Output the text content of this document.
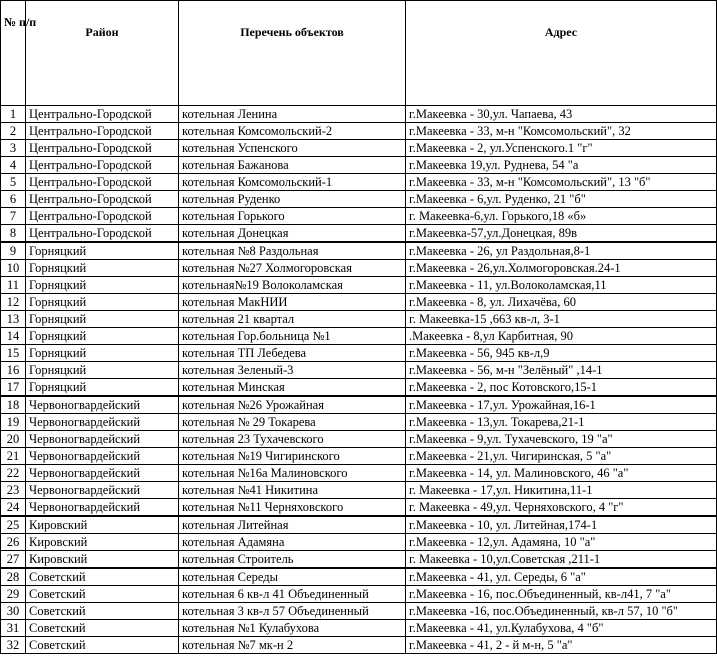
№ п/п	Район	Перечень объектов	Адрес
1	Центрально-Городской	котельная Ленина	г.Макеевка - 30,ул. Чапаева, 43
2	Центрально-Городской	котельная Комсомольский-2	г.Макеевка - 33, м-н "Комсомольский", 32
3	Центрально-Городской	котельная Успенского	г.Макеевка - 2, ул.Успенского.1 "г"
4	Центрально-Городской	котельная Бажанова	г.Макеевка 19,ул. Руднева, 54 "а
5	Центрально-Городской	котельная Комсомольский-1	г.Макеевка - 33, м-н "Комсомольский", 13 "б"
6	Центрально-Городской	котельная Руденко	г.Макеевка - 6,ул. Руденко, 21 "б"
7	Центрально-Городской	котельная Горького	г. Макеевка-6,ул. Горького,18 «б»
8	Центрально-Городской	котельная Донецкая	г.Макеевка-57,ул.Донецкая, 89в
9	Горняцкий	котельная №8 Раздольная	г.Макеевка - 26, ул Раздольная,8-1
10	Горняцкий	котельная №27 Холмогоровская	г.Макеевка - 26,ул.Холмогоровская.24-1
11	Горняцкий	котельная№19 Волоколамская	г.Макеевка - 11, ул.Волоколамская,11
12	Горняцкий	котельная МакНИИ	г.Макеевка - 8, ул. Лихачёва, 60
13	Горняцкий	котельная 21 квартал	г. Макеевка-15 ,663 кв-л, 3-1
14	Горняцкий	котельная Гор.больница №1	.Макеевка - 8,ул Карбитная, 90
15	Горняцкий	котельная ТП Лебедева	г.Макеевка - 56, 945 кв-л,9
16	Горняцкий	котельная Зеленый-3	г.Макеевка - 56, м-н "Зелёный" ,14-1
17	Горняцкий	котельная Минская	г.Макеевка - 2, пос Котовского,15-1
18	Червоногвардейский	котельная №26 Урожайная	г.Макеевка - 17,ул. Урожайная,16-1
19	Червоногвардейский	котельная № 29 Токарева	г.Макеевка - 13,ул. Токарева,21-1
20	Червоногвардейский	котельная 23 Тухачевского	г.Макеевка - 9,ул. Тухачевского, 19 "а"
21	Червоногвардейский	котельная №19 Чигиринского	г.Макеевка - 21,ул. Чигиринская, 5 "а"
22	Червоногвардейский	котельная №16а Малиновского	г.Макеевка - 14, ул. Малиновского, 46 "а"
23	Червоногвардейский	котельная №41 Никитина	г. Макеевка - 17,ул. Никитина,11-1
24	Червоногвардейский	котельная №11 Черняховского	г. Макеевка - 49,ул. Черняховского, 4 "г"
25	Кировский	котельная Литейная	г.Макеевка - 10, ул. Литейная,174-1
26	Кировский	котельная Адамяна	г.Макеевка - 12,ул. Адамяна, 10 "а"
27	Кировский	котельная Строитель	г. Макеевка - 10,ул.Советская ,211-1
28	Советский	котельная Середы	г.Макеевка - 41, ул. Середы, 6 "а"
29	Советский	котельная 6 кв-л 41 Объединенный	г.Макеевка - 16, пос.Объединенный, кв-л41, 7 "а"
30	Советский	котельная 3 кв-л 57 Объединенный	г.Макеевка -16, пос.Объединенный, кв-л 57, 10 "б"
31	Советский	котельная №1 Кулабухова	г.Макеевка - 41, ул.Кулабухова, 4 "б"
32	Советский	котельная №7 мк-н 2	г.Макеевка - 41, 2 - й м-н, 5 "а"
